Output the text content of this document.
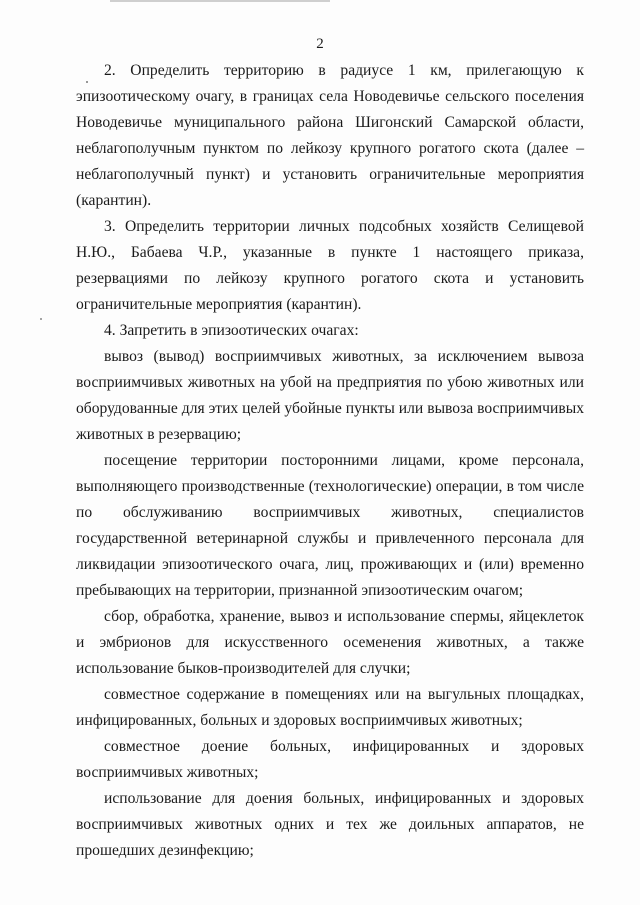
2

2. Определить территорию в радиусе 1 км, прилегающую к эпизоотическому очагу, в границах села Новодевичье сельского поселения Новодевичье муниципального района Шигонский Самарской области, неблагополучным пунктом по лейкозу крупного рогатого скота (далее – неблагополучный пункт) и установить ограничительные мероприятия (карантин).

3. Определить территории личных подсобных хозяйств Селищевой Н.Ю., Бабаева Ч.Р., указанные в пункте 1 настоящего приказа, резервациями по лейкозу крупного рогатого скота и установить ограничительные мероприятия (карантин).

4. Запретить в эпизоотических очагах:

вывоз (вывод) восприимчивых животных, за исключением вывоза восприимчивых животных на убой на предприятия по убою животных или оборудованные для этих целей убойные пункты или вывоза восприимчивых животных в резервацию;

посещение территории посторонними лицами, кроме персонала, выполняющего производственные (технологические) операции, в том числе по обслуживанию восприимчивых животных, специалистов государственной ветеринарной службы и привлеченного персонала для ликвидации эпизоотического очага, лиц, проживающих и (или) временно пребывающих на территории, признанной эпизоотическим очагом;

сбор, обработка, хранение, вывоз и использование спермы, яйцеклеток и эмбрионов для искусственного осеменения животных, а также использование быков-производителей для случки;

совместное содержание в помещениях или на выгульных площадках, инфицированных, больных и здоровых восприимчивых животных;

совместное доение больных, инфицированных и здоровых восприимчивых животных;

использование для доения больных, инфицированных и здоровых восприимчивых животных одних и тех же доильных аппаратов, не прошедших дезинфекцию;
